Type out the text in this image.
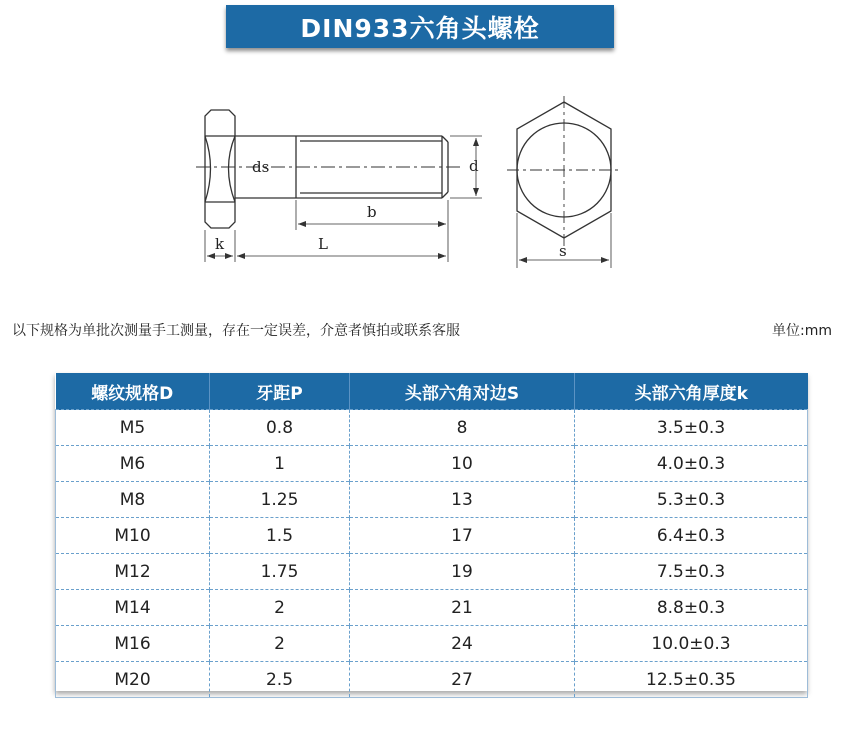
DIN933六角头螺栓
ds	d
b
k	L	s
以下规格为单批次测量手工测量，存在一定误差，介意者慎拍或联系客服	单位:mm
螺纹规格D	牙距P	头部六角对边S	头部六角厚度k
M5	0.8	8	3.5±0.3
M6	1	10	4.0±0.3
M8	1.25	13	5.3±0.3
M10	1.5	17	6.4±0.3
M12	1.75	19	7.5±0.3
M14	2	21	8.8±0.3
M16	2	24	10.0±0.3
M20	2.5	27	12.5±0.35
